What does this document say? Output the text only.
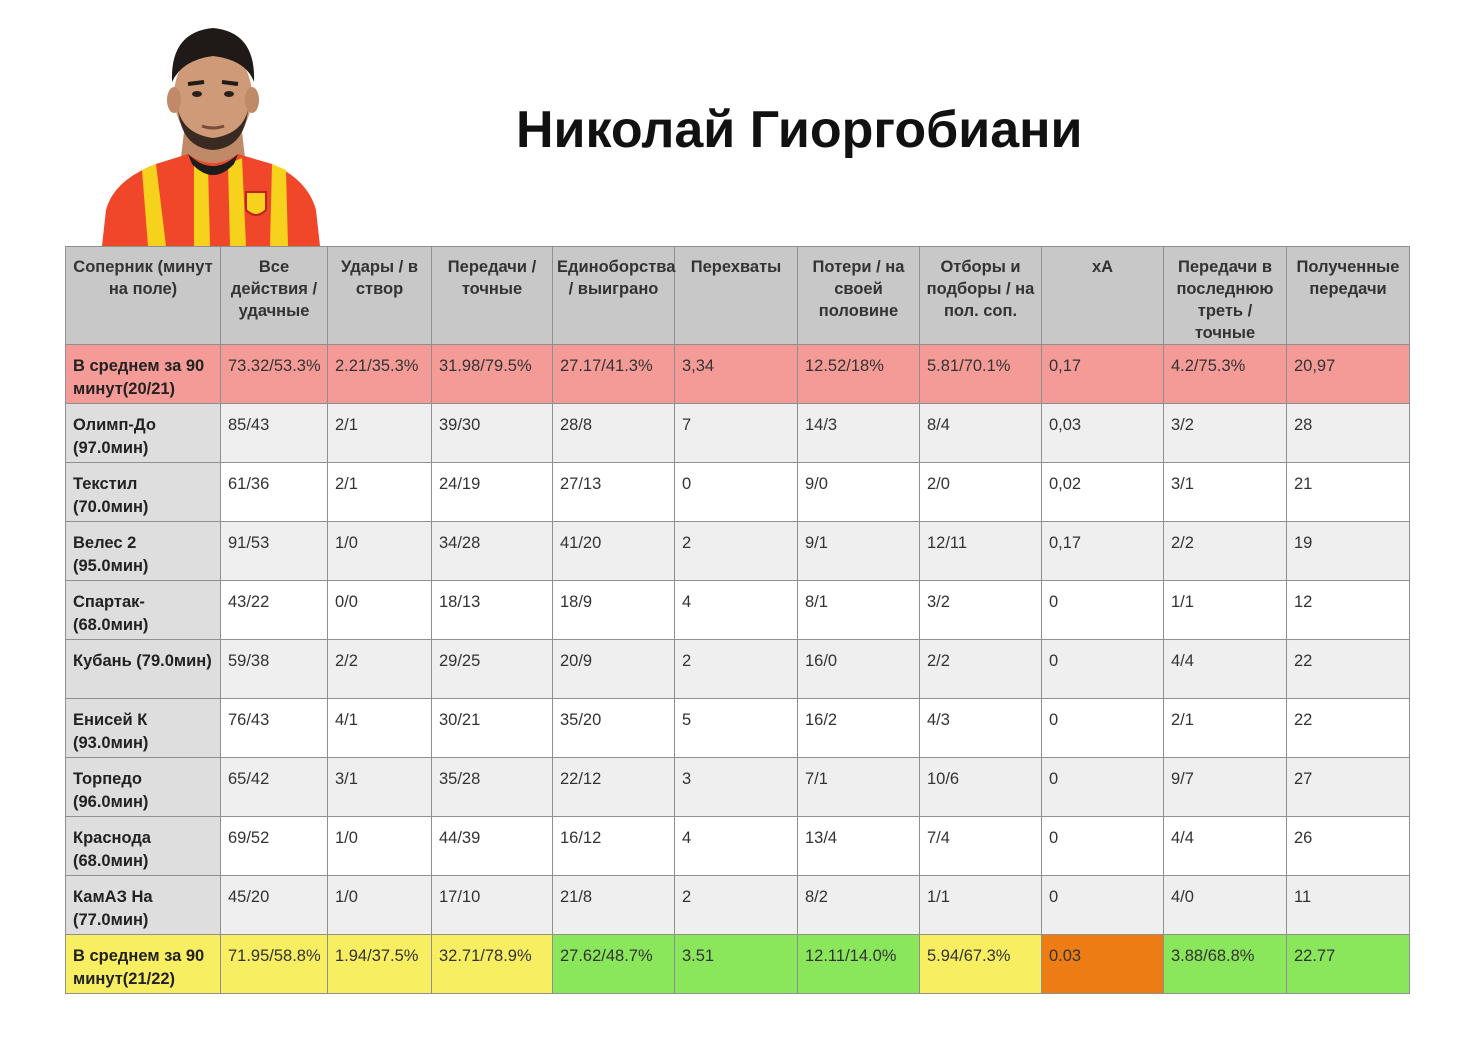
Николай Гиоргобиани
Соперник (минут на поле)	Все действия / удачные	Удары / в створ	Передачи / точные	Единоборства / выиграно	Перехваты	Потери / на своей половине	Отборы и подборы / на пол. соп.	xA	Передачи в последнюю треть / точные	Полученные передачи
В среднем за 90 минут(20/21)	73.32/53.3%	2.21/35.3%	31.98/79.5%	27.17/41.3%	3,34	12.52/18%	5.81/70.1%	0,17	4.2/75.3%	20,97
Олимп-До (97.0мин)	85/43	2/1	39/30	28/8	7	14/3	8/4	0,03	3/2	28
Текстил (70.0мин)	61/36	2/1	24/19	27/13	0	9/0	2/0	0,02	3/1	21
Велес 2 (95.0мин)	91/53	1/0	34/28	41/20	2	9/1	12/11	0,17	2/2	19
Спартак- (68.0мин)	43/22	0/0	18/13	18/9	4	8/1	3/2	0	1/1	12
Кубань (79.0мин)	59/38	2/2	29/25	20/9	2	16/0	2/2	0	4/4	22
Енисей К (93.0мин)	76/43	4/1	30/21	35/20	5	16/2	4/3	0	2/1	22
Торпедо (96.0мин)	65/42	3/1	35/28	22/12	3	7/1	10/6	0	9/7	27
Краснода (68.0мин)	69/52	1/0	44/39	16/12	4	13/4	7/4	0	4/4	26
КамАЗ На (77.0мин)	45/20	1/0	17/10	21/8	2	8/2	1/1	0	4/0	11
В среднем за 90 минут(21/22)	71.95/58.8%	1.94/37.5%	32.71/78.9%	27.62/48.7%	3.51	12.11/14.0%	5.94/67.3%	0.03	3.88/68.8%	22.77
